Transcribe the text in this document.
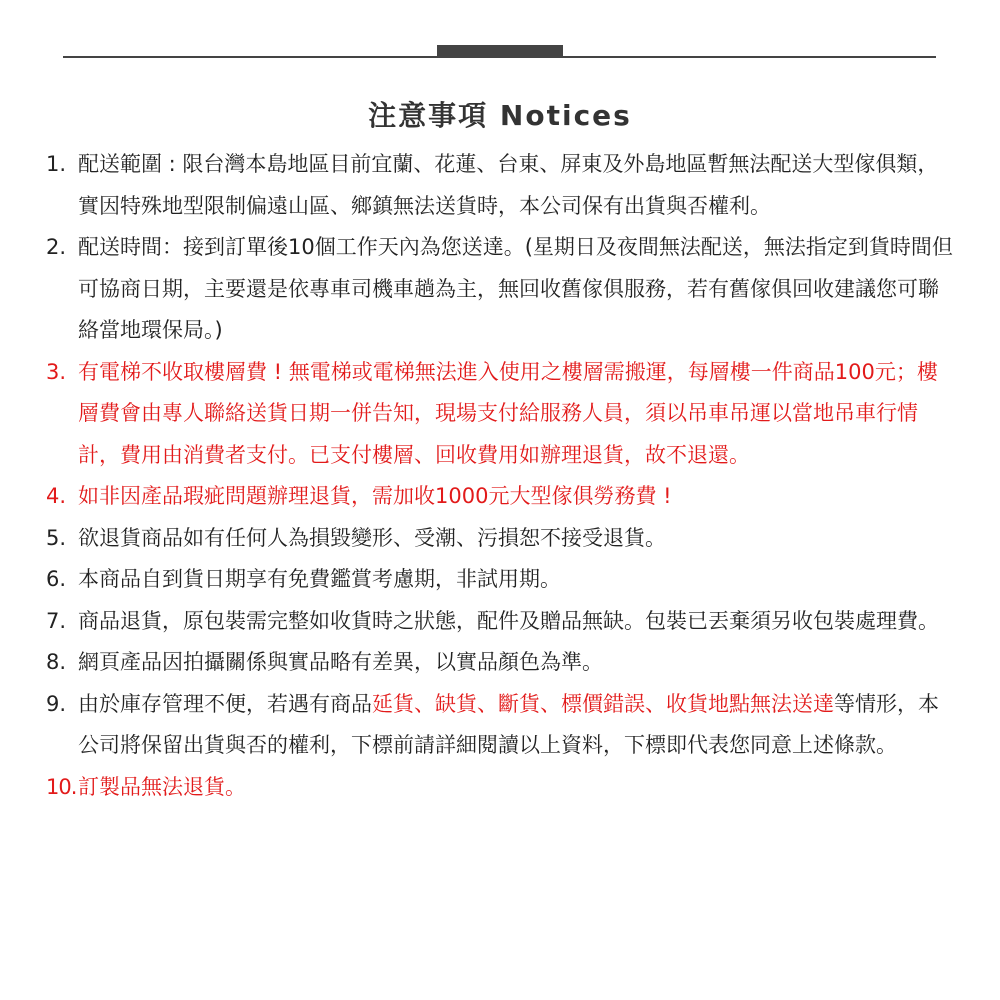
注意事項 Notices
1. 配送範圍 : 限台灣本島地區目前宜蘭、花蓮、台東、屏東及外島地區暫無法配送大型傢俱類，實因特殊地型限制偏遠山區、鄉鎮無法送貨時，本公司保有出貨與否權利。
2. 配送時間：接到訂單後10個工作天內為您送達。(星期日及夜間無法配送，無法指定到貨時間但可協商日期，主要還是依專車司機車趟為主，無回收舊傢俱服務，若有舊傢俱回收建議您可聯絡當地環保局。)
3. 有電梯不收取樓層費 ! 無電梯或電梯無法進入使用之樓層需搬運，每層樓一件商品100元；樓層費會由專人聯絡送貨日期一併告知，現場支付給服務人員，須以吊車吊運以當地吊車行情計，費用由消費者支付。已支付樓層、回收費用如辦理退貨，故不退還。
4. 如非因產品瑕疵問題辦理退貨，需加收1000元大型傢俱勞務費 !
5. 欲退貨商品如有任何人為損毀變形、受潮、污損恕不接受退貨。
6. 本商品自到貨日期享有免費鑑賞考慮期，非試用期。
7. 商品退貨，原包裝需完整如收貨時之狀態，配件及贈品無缺。包裝已丟棄須另收包裝處理費。
8. 網頁產品因拍攝關係與實品略有差異，以實品顏色為準。
9. 由於庫存管理不便，若遇有商品延貨、缺貨、斷貨、標價錯誤、收貨地點無法送達等情形，本公司將保留出貨與否的權利，下標前請詳細閱讀以上資料，下標即代表您同意上述條款。
10. 訂製品無法退貨。
